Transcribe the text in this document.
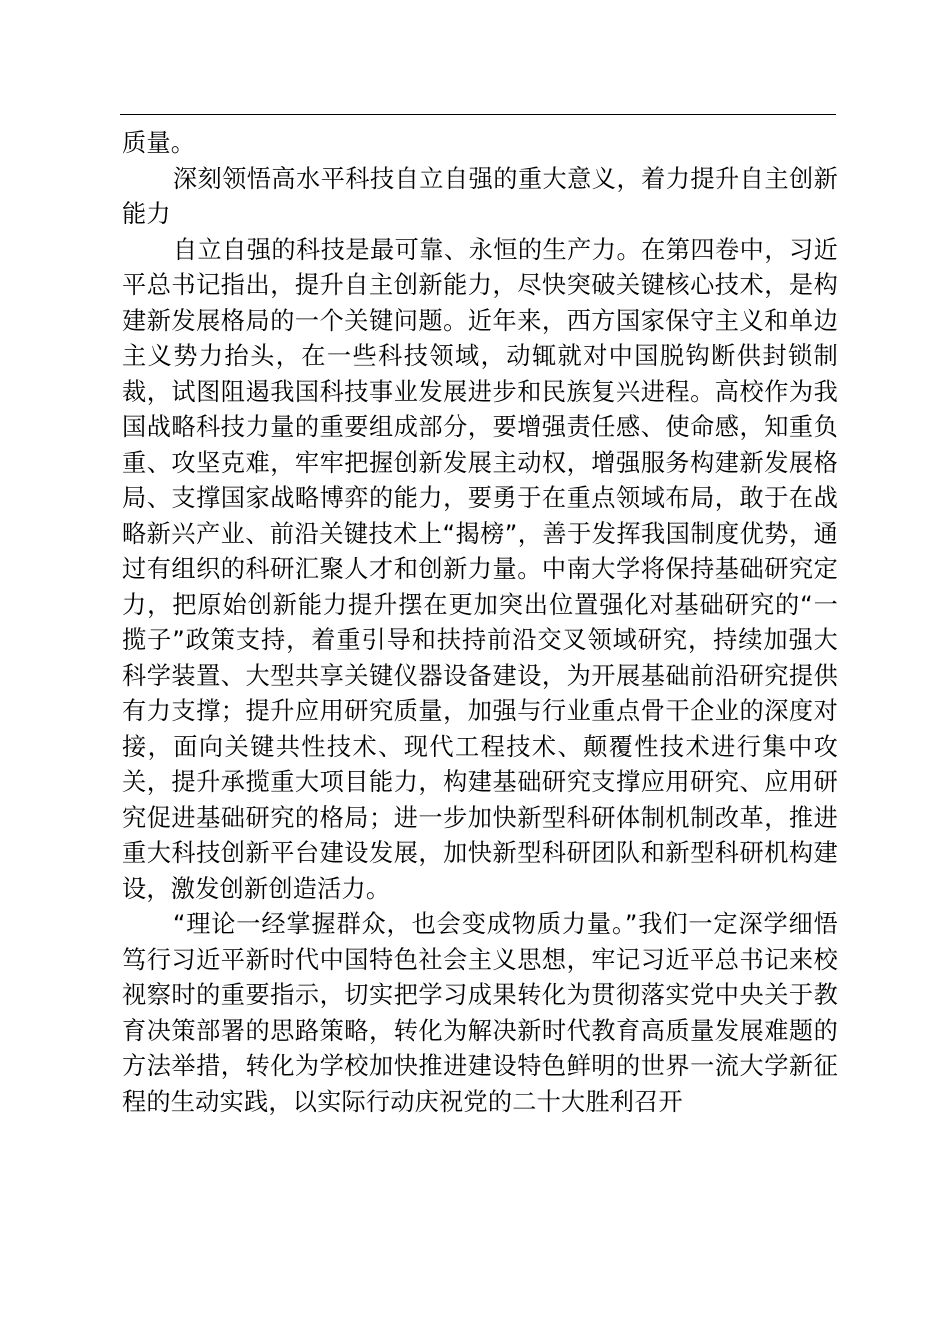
质量。

深刻领悟高水平科技自立自强的重大意义，着力提升自主创新能力

自立自强的科技是最可靠、永恒的生产力。在第四卷中，习近平总书记指出，提升自主创新能力，尽快突破关键核心技术，是构建新发展格局的一个关键问题。近年来，西方国家保守主义和单边主义势力抬头，在一些科技领域，动辄就对中国脱钩断供封锁制裁，试图阻遏我国科技事业发展进步和民族复兴进程。高校作为我国战略科技力量的重要组成部分，要增强责任感、使命感，知重负重、攻坚克难，牢牢把握创新发展主动权，增强服务构建新发展格局、支撑国家战略博弈的能力，要勇于在重点领域布局，敢于在战略新兴产业、前沿关键技术上“揭榜”，善于发挥我国制度优势，通过有组织的科研汇聚人才和创新力量。中南大学将保持基础研究定力，把原始创新能力提升摆在更加突出位置强化对基础研究的“一揽子”政策支持，着重引导和扶持前沿交叉领域研究，持续加强大科学装置、大型共享关键仪器设备建设，为开展基础前沿研究提供有力支撑；提升应用研究质量，加强与行业重点骨干企业的深度对接，面向关键共性技术、现代工程技术、颠覆性技术进行集中攻关，提升承揽重大项目能力，构建基础研究支撑应用研究、应用研究促进基础研究的格局；进一步加快新型科研体制机制改革，推进重大科技创新平台建设发展，加快新型科研团队和新型科研机构建设，激发创新创造活力。

“理论一经掌握群众，也会变成物质力量。”我们一定深学细悟笃行习近平新时代中国特色社会主义思想，牢记习近平总书记来校视察时的重要指示，切实把学习成果转化为贯彻落实党中央关于教育决策部署的思路策略，转化为解决新时代教育高质量发展难题的方法举措，转化为学校加快推进建设特色鲜明的世界一流大学新征程的生动实践，以实际行动庆祝党的二十大胜利召开
